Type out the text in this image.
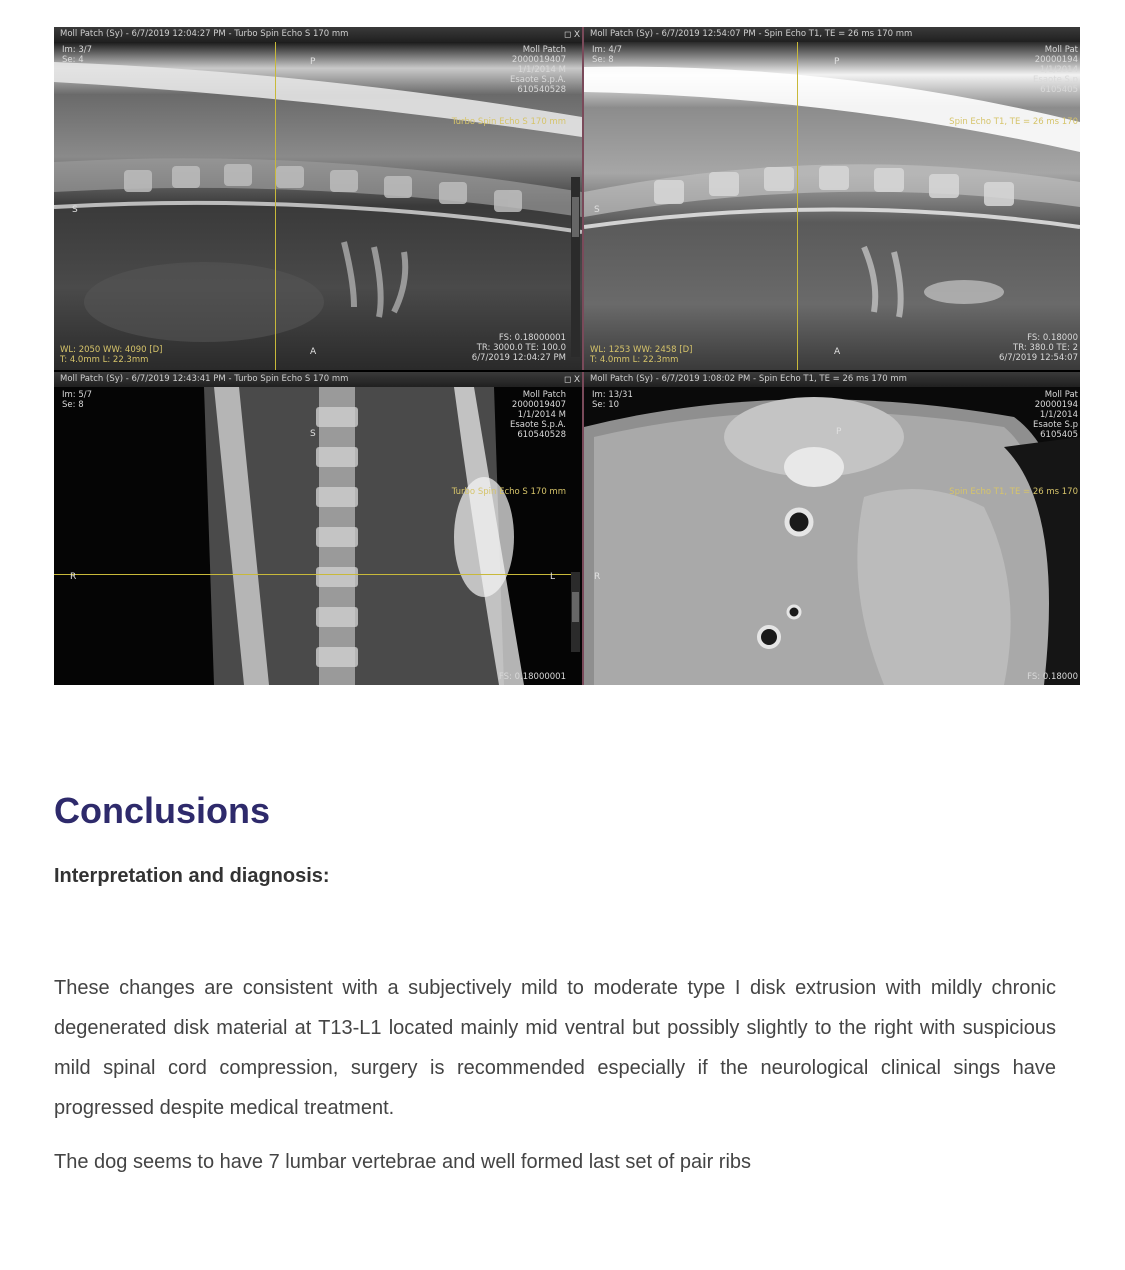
Moll Patch (Sy) - 6/7/2019 12:04:27 PM - Turbo Spin Echo S 170 mm	◻ X
Im: 3/7
Se: 4
Moll Patch
2000019407
1/1/2014 M
Esaote S.p.A.
610540528
Turbo Spin Echo S 170 mm
P
S
A
WL: 2050 WW: 4090 [D]
T: 4.0mm L: 22.3mm
FS: 0.18000001
TR: 3000.0 TE: 100.0
6/7/2019 12:04:27 PM
Moll Patch (Sy) - 6/7/2019 12:54:07 PM - Spin Echo T1, TE = 26 ms 170 mm
Im: 4/7
Se: 8
Moll Pat
20000194
1/1/2014
Esaote S.p
6105405
Spin Echo T1, TE = 26 ms 170
P
S
A
WL: 1253 WW: 2458 [D]
T: 4.0mm L: 22.3mm
FS: 0.18000
TR: 380.0 TE: 2
6/7/2019 12:54:07
Moll Patch (Sy) - 6/7/2019 12:43:41 PM - Turbo Spin Echo S 170 mm	◻ X
Im: 5/7
Se: 8
Moll Patch
2000019407
1/1/2014 M
Esaote S.p.A.
610540528
Turbo Spin Echo S 170 mm
S
R	L
FS: 0.18000001
Moll Patch (Sy) - 6/7/2019 1:08:02 PM - Spin Echo T1, TE = 26 ms 170 mm
Im: 13/31
Se: 10
Moll Pat
20000194
1/1/2014
Esaote S.p
6105405
Spin Echo T1, TE = 26 ms 170
P
R
FS: 0.18000
Conclusions

Interpretation and diagnosis:

These changes are consistent with a subjectively mild to moderate type I disk extrusion with mildly chronic degenerated disk material at T13-L1 located mainly mid ventral but possibly slightly to the right with suspicious mild spinal cord compression, surgery is recommended especially if the neurological clinical sings have progressed despite medical treatment.

The dog seems to have 7 lumbar vertebrae and well formed last set of pair ribs
